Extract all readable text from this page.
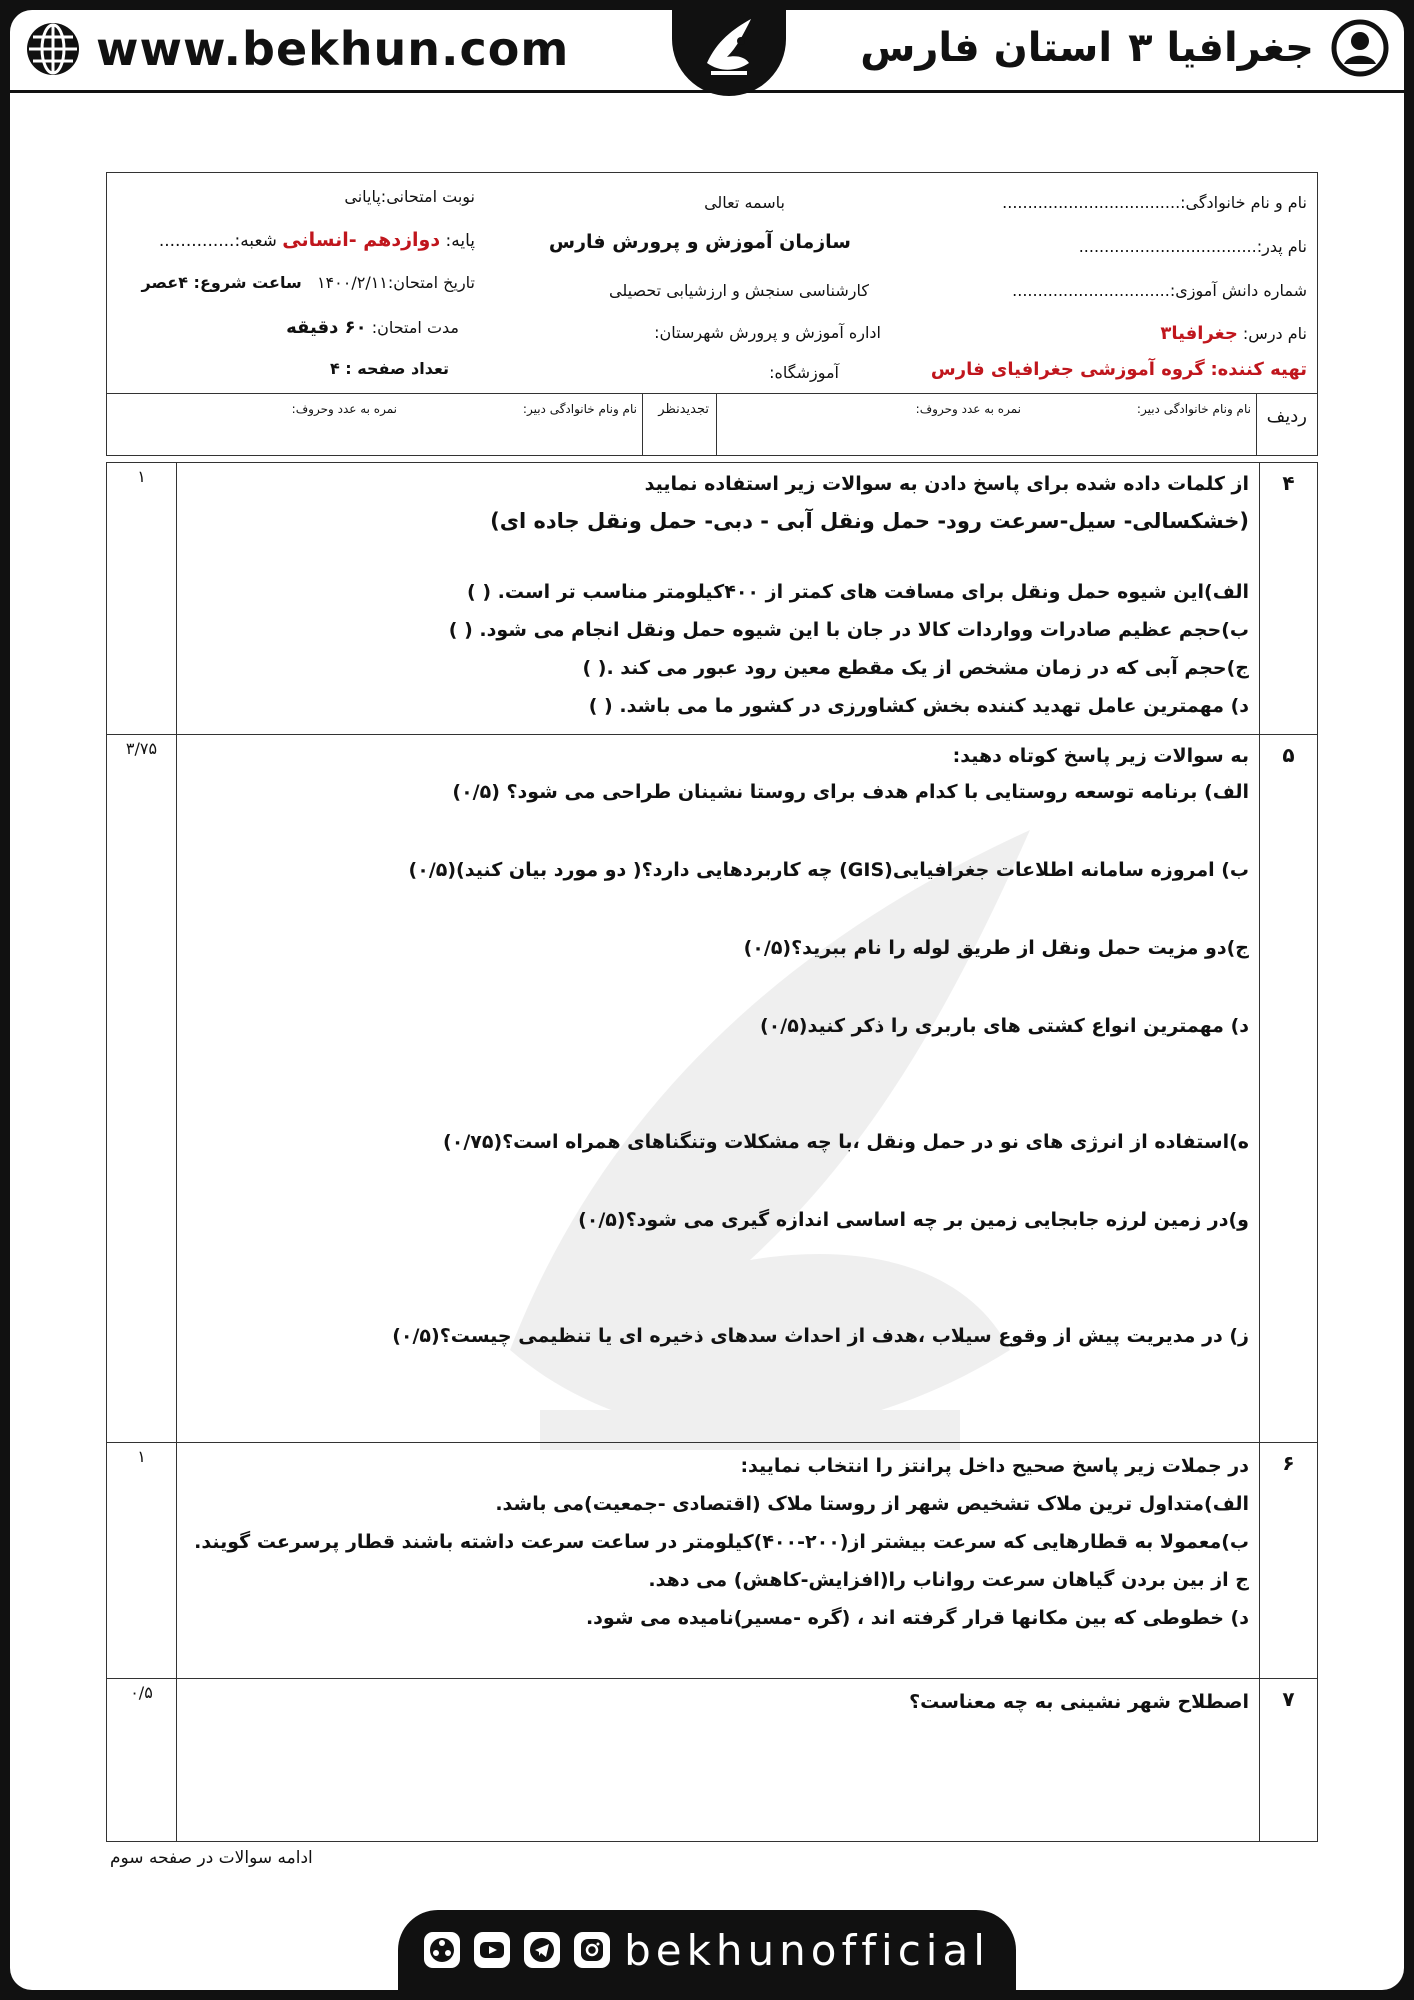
www.bekhun.com	جغرافیا ۳
استان فارس
نام و نام خانوادگی:...................................
نام پدر:...................................
شماره دانش آموزی:...............................
نام درس: جغرافیا۳
تهیه کننده: گروه آموزشی جغرافیای فارس
باسمه تعالی
سازمان آموزش و پرورش فارس
کارشناسی سنجش و ارزشیابی تحصیلی
اداره آموزش و پرورش شهرستان:
آموزشگاه:
نوبت امتحانی:پایانی
پایه: دوازدهم -انسانی شعبه:..............
تاریخ امتحان:۱۴۰۰/۲/۱۱   ساعت شروع: ۴عصر
مدت امتحان: ۶۰ دقیقه
تعداد صفحه : ۴
ردیف
نام ونام خانوادگی دبیر:
نمره به عدد وحروف:
تجدیدنظر
نام ونام خانوادگی دبیر:
نمره به عدد وحروف:
۴
۱	از کلمات داده شده برای پاسخ دادن به سوالات زیر استفاده نمایید
(خشکسالی- سیل-سرعت رود- حمل ونقل آبی - دبی- حمل ونقل جاده ای)
الف)این شیوه حمل ونقل برای مسافت های کمتر از ۴۰۰کیلومتر مناسب تر است. ( )
ب)حجم عظیم صادرات وواردات کالا در جان با این شیوه حمل ونقل انجام می شود. ( )
ج)حجم آبی که در زمان مشخص از یک مقطع معین رود عبور می کند .( )
د) مهمترین عامل تهدید کننده بخش کشاورزی در کشور ما می باشد. ( )
۵
۳/۷۵	به سوالات زیر پاسخ کوتاه دهید:
الف) برنامه توسعه روستایی با کدام هدف برای روستا نشینان طراحی می شود؟ (۰/۵)
ب) امروزه سامانه اطلاعات جغرافیایی(GIS) چه کاربردهایی دارد؟( دو مورد بیان کنید)(۰/۵)
ج)دو مزیت حمل ونقل از طریق لوله را نام ببرید؟(۰/۵)
د) مهمترین انواع کشتی های باربری را ذکر کنید(۰/۵)
ه)استفاده از انرژی های نو در حمل ونقل ،با چه مشکلات وتنگناهای همراه است؟(۰/۷۵)
و)در زمین لرزه جابجایی زمین بر چه اساسی اندازه گیری می شود؟(۰/۵)
ز) در مدیریت پیش از وقوع سیلاب ،هدف از احداث سدهای ذخیره ای یا تنظیمی چیست؟(۰/۵)
۶
۱	در جملات زیر پاسخ صحیح داخل پرانتز را انتخاب نمایید:
الف)متداول ترین ملاک تشخیص شهر از روستا ملاک (اقتصادی -جمعیت)می باشد.
ب)معمولا به قطارهایی که سرعت بیشتر از(۲۰۰-۴۰۰)کیلومتر در ساعت سرعت داشته باشند قطار پرسرعت گویند.
ج از بین بردن گیاهان سرعت رواناب را(افزایش-کاهش) می دهد.
د) خطوطی که بین مکانها قرار گرفته اند ، (گره -مسیر)نامیده می شود.
۷
۰/۵	اصطلاح شهر نشینی به چه معناست؟
ادامه سوالات در صفحه سوم
bekhunofficial
